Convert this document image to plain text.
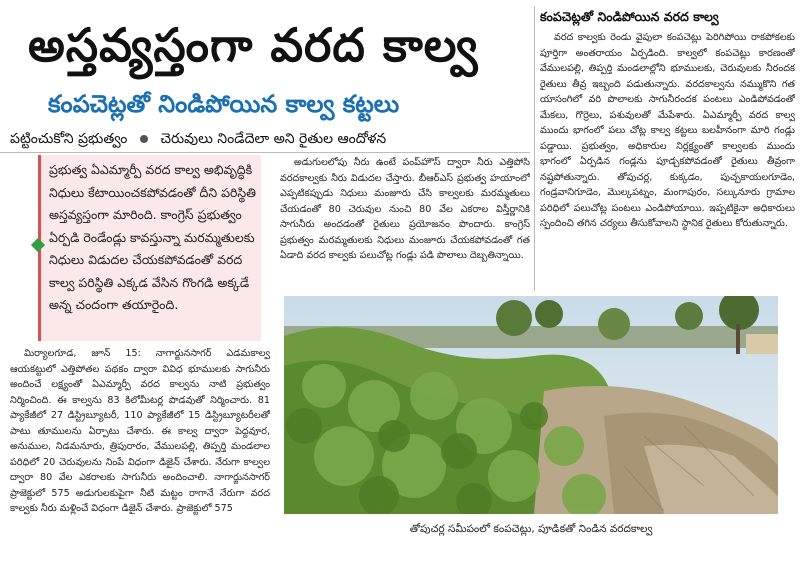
అస్తవ్యస్తంగా వరద కాల్వ
కంపచెట్లతో నిండిపోయిన కాల్వ కట్టలు
పట్టించుకోని ప్రభుత్వం చెరువులు నిండేదెలా అని రైతుల ఆందోళన
ప్రభుత్వ ఏఎమ్మార్పీ వరద కాల్వ అభివృద్ధికి నిధులు కేటాయించకపోవడంతో దీని పరిస్థితి అస్తవ్యస్తంగా మారింది. కాంగ్రెస్ ప్రభుత్వం ఏర్పడి రెండేండ్లు కావస్తున్నా మరమ్మతులకు నిధులు విడుదల చేయకపోవడంతో వరద కాల్వ పరిస్థితి ఎక్కడ వేసిన గొంగడి అక్కడే అన్న చందంగా తయారైంది.

మిర్యాలగూడ, జూన్ 15: నాగార్జునసాగర్ ఎడమకాల్వ ఆయకట్టులో ఎత్తిపోతల పథకం ద్వారా వివిధ భూములకు సాగునీరు అందించే లక్ష్యంతో ఏఎమ్మార్పీ వరద కాల్వను నాటి ప్రభుత్వం నిర్మించింది. ఈ కాల్వను 83 కిలోమీటర్ల పొడవుతో నిర్మించారు. 81 ప్యాకేజీలో 27 డిస్ట్రిబ్యూటరీ, 110 ప్యాకేజీలో 15 డిస్ట్రిబ్యూటరీలతో పాటు తూములను ఏర్పాటు చేశారు. ఈ కాల్వ ద్వారా పెద్దవూర, అనుముల, నిడమనూరు, త్రిపురారం, వేములపల్లి, తిప్పర్తి మండలాల పరిధిలో 20 చెరువులను నింపే విధంగా డిజైన్ చేశారు. నేరుగా కాల్వల ద్వారా 80 వేల ఎకరాలకు సాగునీరు అందించాలి. నాగార్జునసాగర్ ప్రాజెక్టులో 575 అడుగులకుపైగా నీటి మట్టం రాగానే నేరుగా వరద కాల్వకు నీరు మళ్లించే విధంగా డిజైన్ చేశారు. ప్రాజెక్టులో 575

అడుగులలోపు నీరు ఉంటే పంప్‌హౌస్ ద్వారా నీరు ఎత్తిపోసి వరదకాల్వకు నీరు విడుదల చేస్తారు. బీఆర్ఎస్ ప్రభుత్వ హయాంలో ఎప్పటికప్పుడు నిధులు మంజూరు చేసి కాల్వలకు మరమ్మతులు చేయడంతో 80 చెరువుల నుంచి 80 వేల ఎకరాల విస్తీర్ణానికి సాగునీరు అందడంతో రైతులు ప్రయోజనం పొందారు. కాంగ్రెస్ ప్రభుత్వం మరమ్మతులకు నిధులు మంజూరు చేయకపోవడంతో గత ఏడాది వరద కాల్వకు పలుచోట్ల గండ్లు పడి పొలాలు దెబ్బతిన్నాయి.

కంపచెట్లతో నిండిపోయిన వరద కాల్వ

వరద కాల్వకు రెండు వైపులా కంపచెట్లు పెరిగిపోయి రాకపోకలకు పూర్తిగా అంతరాయం ఏర్పడింది. కాల్వలో కంపచెట్లు కారణంతో వేములపల్లి, తిప్పర్తి మండలాల్లోని భూములకు, చెరువులకు నీరందక రైతులు తీవ్ర ఇబ్బంది పడుతున్నారు. వరదకాల్వను నమ్ముకొని గత యాసంగిలో వరి పొలాలకు సాగునీరందక పంటలు ఎండిపోవడంతో మేకలు, గొర్రెలు, పశువులతో మేపేశారు. ఏఎమ్మార్పీ వరద కాల్వ ముందు భాగంలో పలు చోట్ల కాల్వ కట్టలు బలహీనంగా మారి గండ్లు పడ్డాయి. ప్రభుత్వం, అధికారుల నిర్లక్ష్యంతో కాల్వలకు ముందు భాగంలో ఏర్పడిన గండ్లను పూడ్చకపోవడంతో రైతులు తీవ్రంగా నష్టపోతున్నారు. తోపుచర్ల, కుక్కడం, పుచ్చకాయలగూడెం, గండ్రవానిగూడెం, మొల్కపట్నం, మంగాపురం, సల్కునూరు గ్రామాల పరిధిలో పలుచోట్ల పంటలు ఎండిపోయాయి. ఇప్పటికైనా అధికారులు స్పందించి తగిన చర్యలు తీసుకోవాలని స్థానిక రైతులు కోరుతున్నారు.

తోపుచర్ల సమీపంలో కంపచెట్లు, పూడికతో నిండిన వరదకాల్వ
